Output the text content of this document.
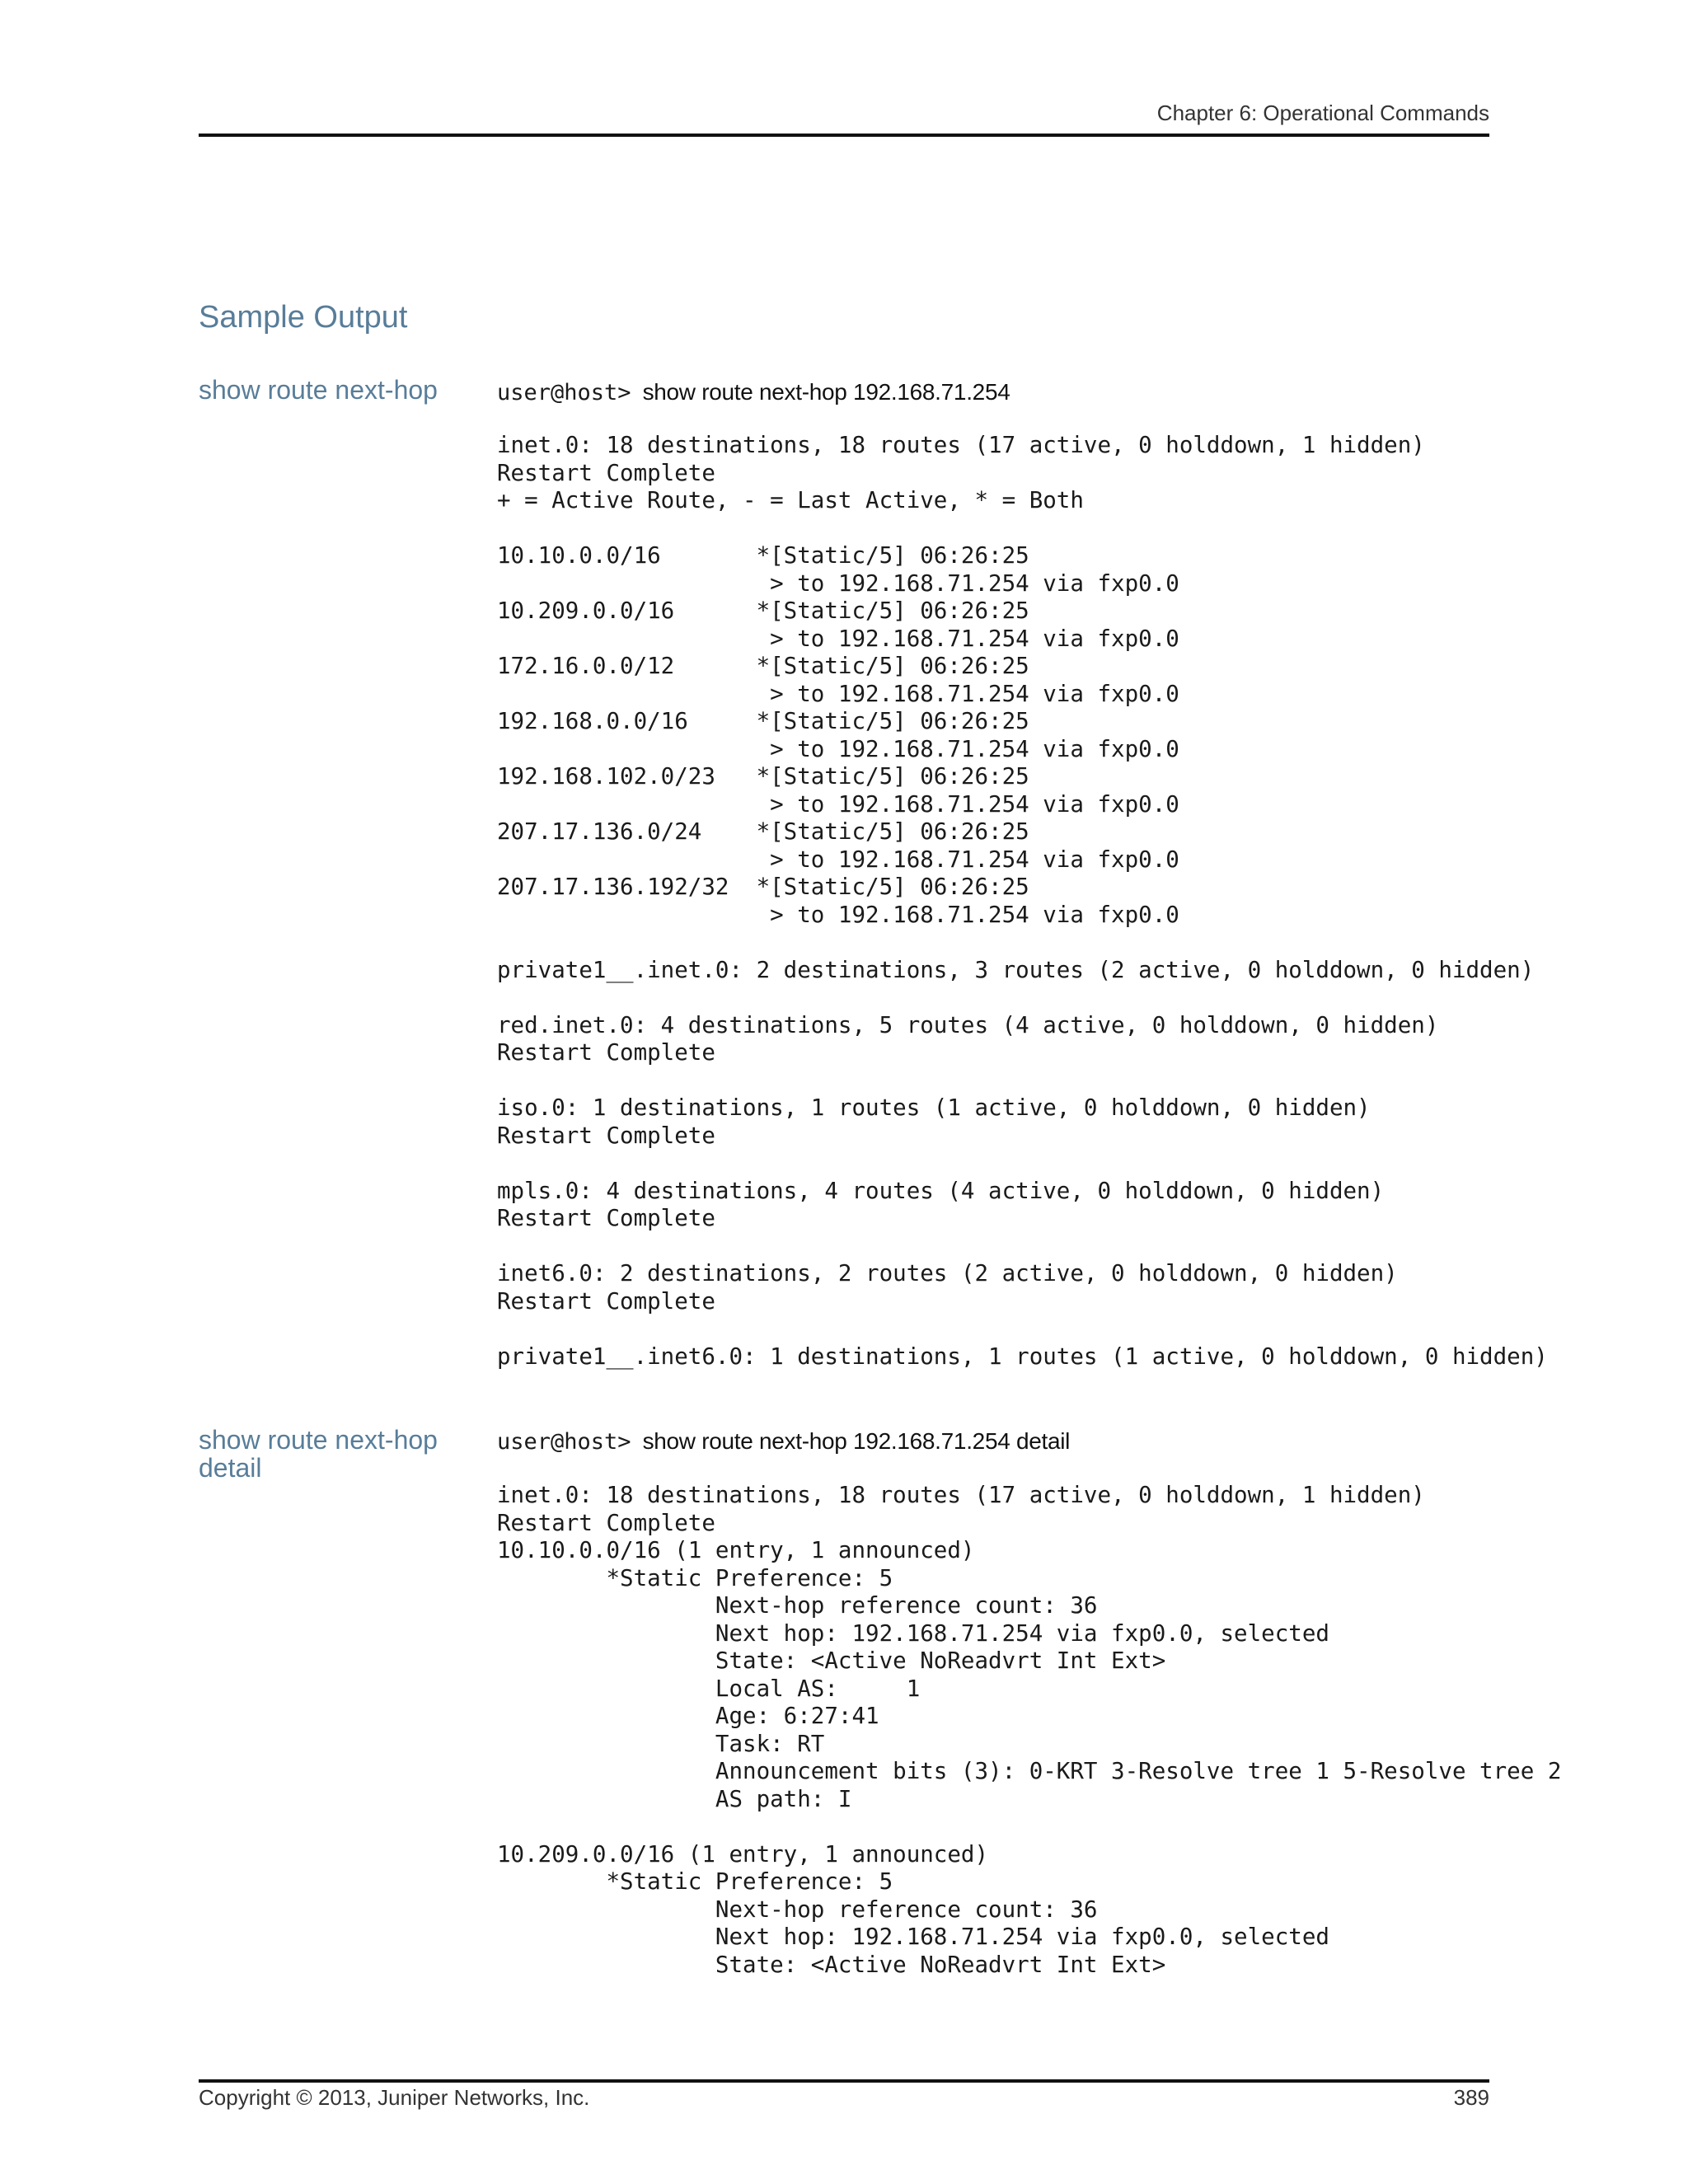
Chapter 6: Operational Commands
Sample Output
show route next-hop	user@host> show route next-hop 192.168.71.254
inet.0: 18 destinations, 18 routes (17 active, 0 holddown, 1 hidden)
Restart Complete
+ = Active Route, - = Last Active, * = Both

10.10.0.0/16       *[Static/5] 06:26:25
> to 192.168.71.254 via fxp0.0
10.209.0.0/16      *[Static/5] 06:26:25
> to 192.168.71.254 via fxp0.0
172.16.0.0/12      *[Static/5] 06:26:25
> to 192.168.71.254 via fxp0.0
192.168.0.0/16     *[Static/5] 06:26:25
> to 192.168.71.254 via fxp0.0
192.168.102.0/23   *[Static/5] 06:26:25
> to 192.168.71.254 via fxp0.0
207.17.136.0/24    *[Static/5] 06:26:25
> to 192.168.71.254 via fxp0.0
207.17.136.192/32  *[Static/5] 06:26:25
> to 192.168.71.254 via fxp0.0

private1__.inet.0: 2 destinations, 3 routes (2 active, 0 holddown, 0 hidden)

red.inet.0: 4 destinations, 5 routes (4 active, 0 holddown, 0 hidden)
Restart Complete

iso.0: 1 destinations, 1 routes (1 active, 0 holddown, 0 hidden)
Restart Complete

mpls.0: 4 destinations, 4 routes (4 active, 0 holddown, 0 hidden)
Restart Complete

inet6.0: 2 destinations, 2 routes (2 active, 0 holddown, 0 hidden)
Restart Complete

private1__.inet6.0: 1 destinations, 1 routes (1 active, 0 holddown, 0 hidden)
show route next-hop detail
user@host> show route next-hop 192.168.71.254 detail
inet.0: 18 destinations, 18 routes (17 active, 0 holddown, 1 hidden)
Restart Complete
10.10.0.0/16 (1 entry, 1 announced)
*Static Preference: 5
Next-hop reference count: 36
Next hop: 192.168.71.254 via fxp0.0, selected
State: <Active NoReadvrt Int Ext>
Local AS:     1
Age: 6:27:41
Task: RT
Announcement bits (3): 0-KRT 3-Resolve tree 1 5-Resolve tree 2
AS path: I

10.209.0.0/16 (1 entry, 1 announced)
*Static Preference: 5
Next-hop reference count: 36
Next hop: 192.168.71.254 via fxp0.0, selected
State: <Active NoReadvrt Int Ext>
Copyright © 2013, Juniper Networks, Inc.	389
